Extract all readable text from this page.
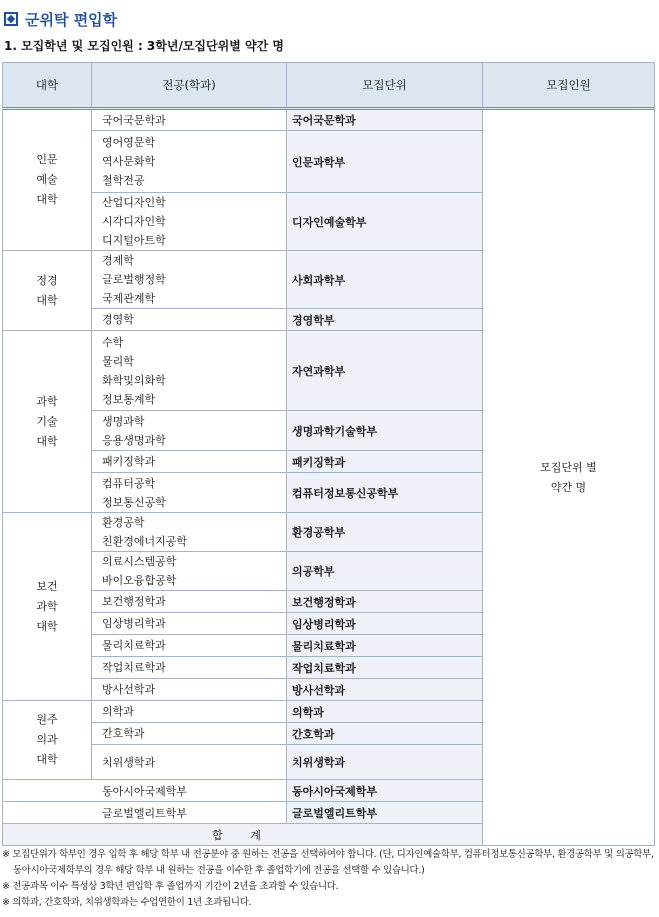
군위탁 편입학
1. 모집학년 및 모집인원 : 3학년/모집단위별 약간 명
대학	전공(학과)	모집단위	모집인원

인문
예술
대학	국어국문학과	국어국문학과	모집단위 별
약간 명

	영어영문학
역사문화학
철학전공	인문과학부	

	산업디자인학
시각디자인학
디지털아트학	디자인예술학부	

정경
대학	경제학
글로벌행정학
국제관계학	사회과학부	

	경영학	경영학부	

과학
기술
대학	수학
물리학
화학및의화학
정보통계학	자연과학부	

	생명과학
응용생명과학	생명과학기술학부	

	패키징학과	패키징학과	

	컴퓨터공학
정보통신공학	컴퓨터정보통신공학부	

보건
과학
대학	환경공학
친환경에너지공학	환경공학부	

	의료시스템공학
바이오융합공학	의공학부	

	보건행정학과	보건행정학과	

	임상병리학과	임상병리학과	

	물리치료학과	물리치료학과	

	작업치료학과	작업치료학과	

	방사선학과	방사선학과	

원주
의과
대학	의학과	의학과	

	간호학과	간호학과	

	치위생학과	치위생학과	
동아시아국제학부		동아시아국제학부	
글로벌엘리트학부		글로벌엘리트학부	
합 계			

※ 모집단위가 학부인 경우 입학 후 해당 학부 내 전공분야 중 원하는 전공을 선택하여야 합니다. (단, 디자인예술학부, 컴퓨터정보통신공학부, 환경공학부 및 의공학부, 동아시아국제학부의 경우 해당 학부 내 원하는 전공을 이수한 후 졸업학기에 전공을 선택할 수 있습니다.)

※ 전공과목 이수 특성상 3학년 편입학 후 졸업까지 기간이 2년을 초과할 수 있습니다.

※ 의학과, 간호학과, 치위생학과는 수업연한이 1년 초과됩니다.
